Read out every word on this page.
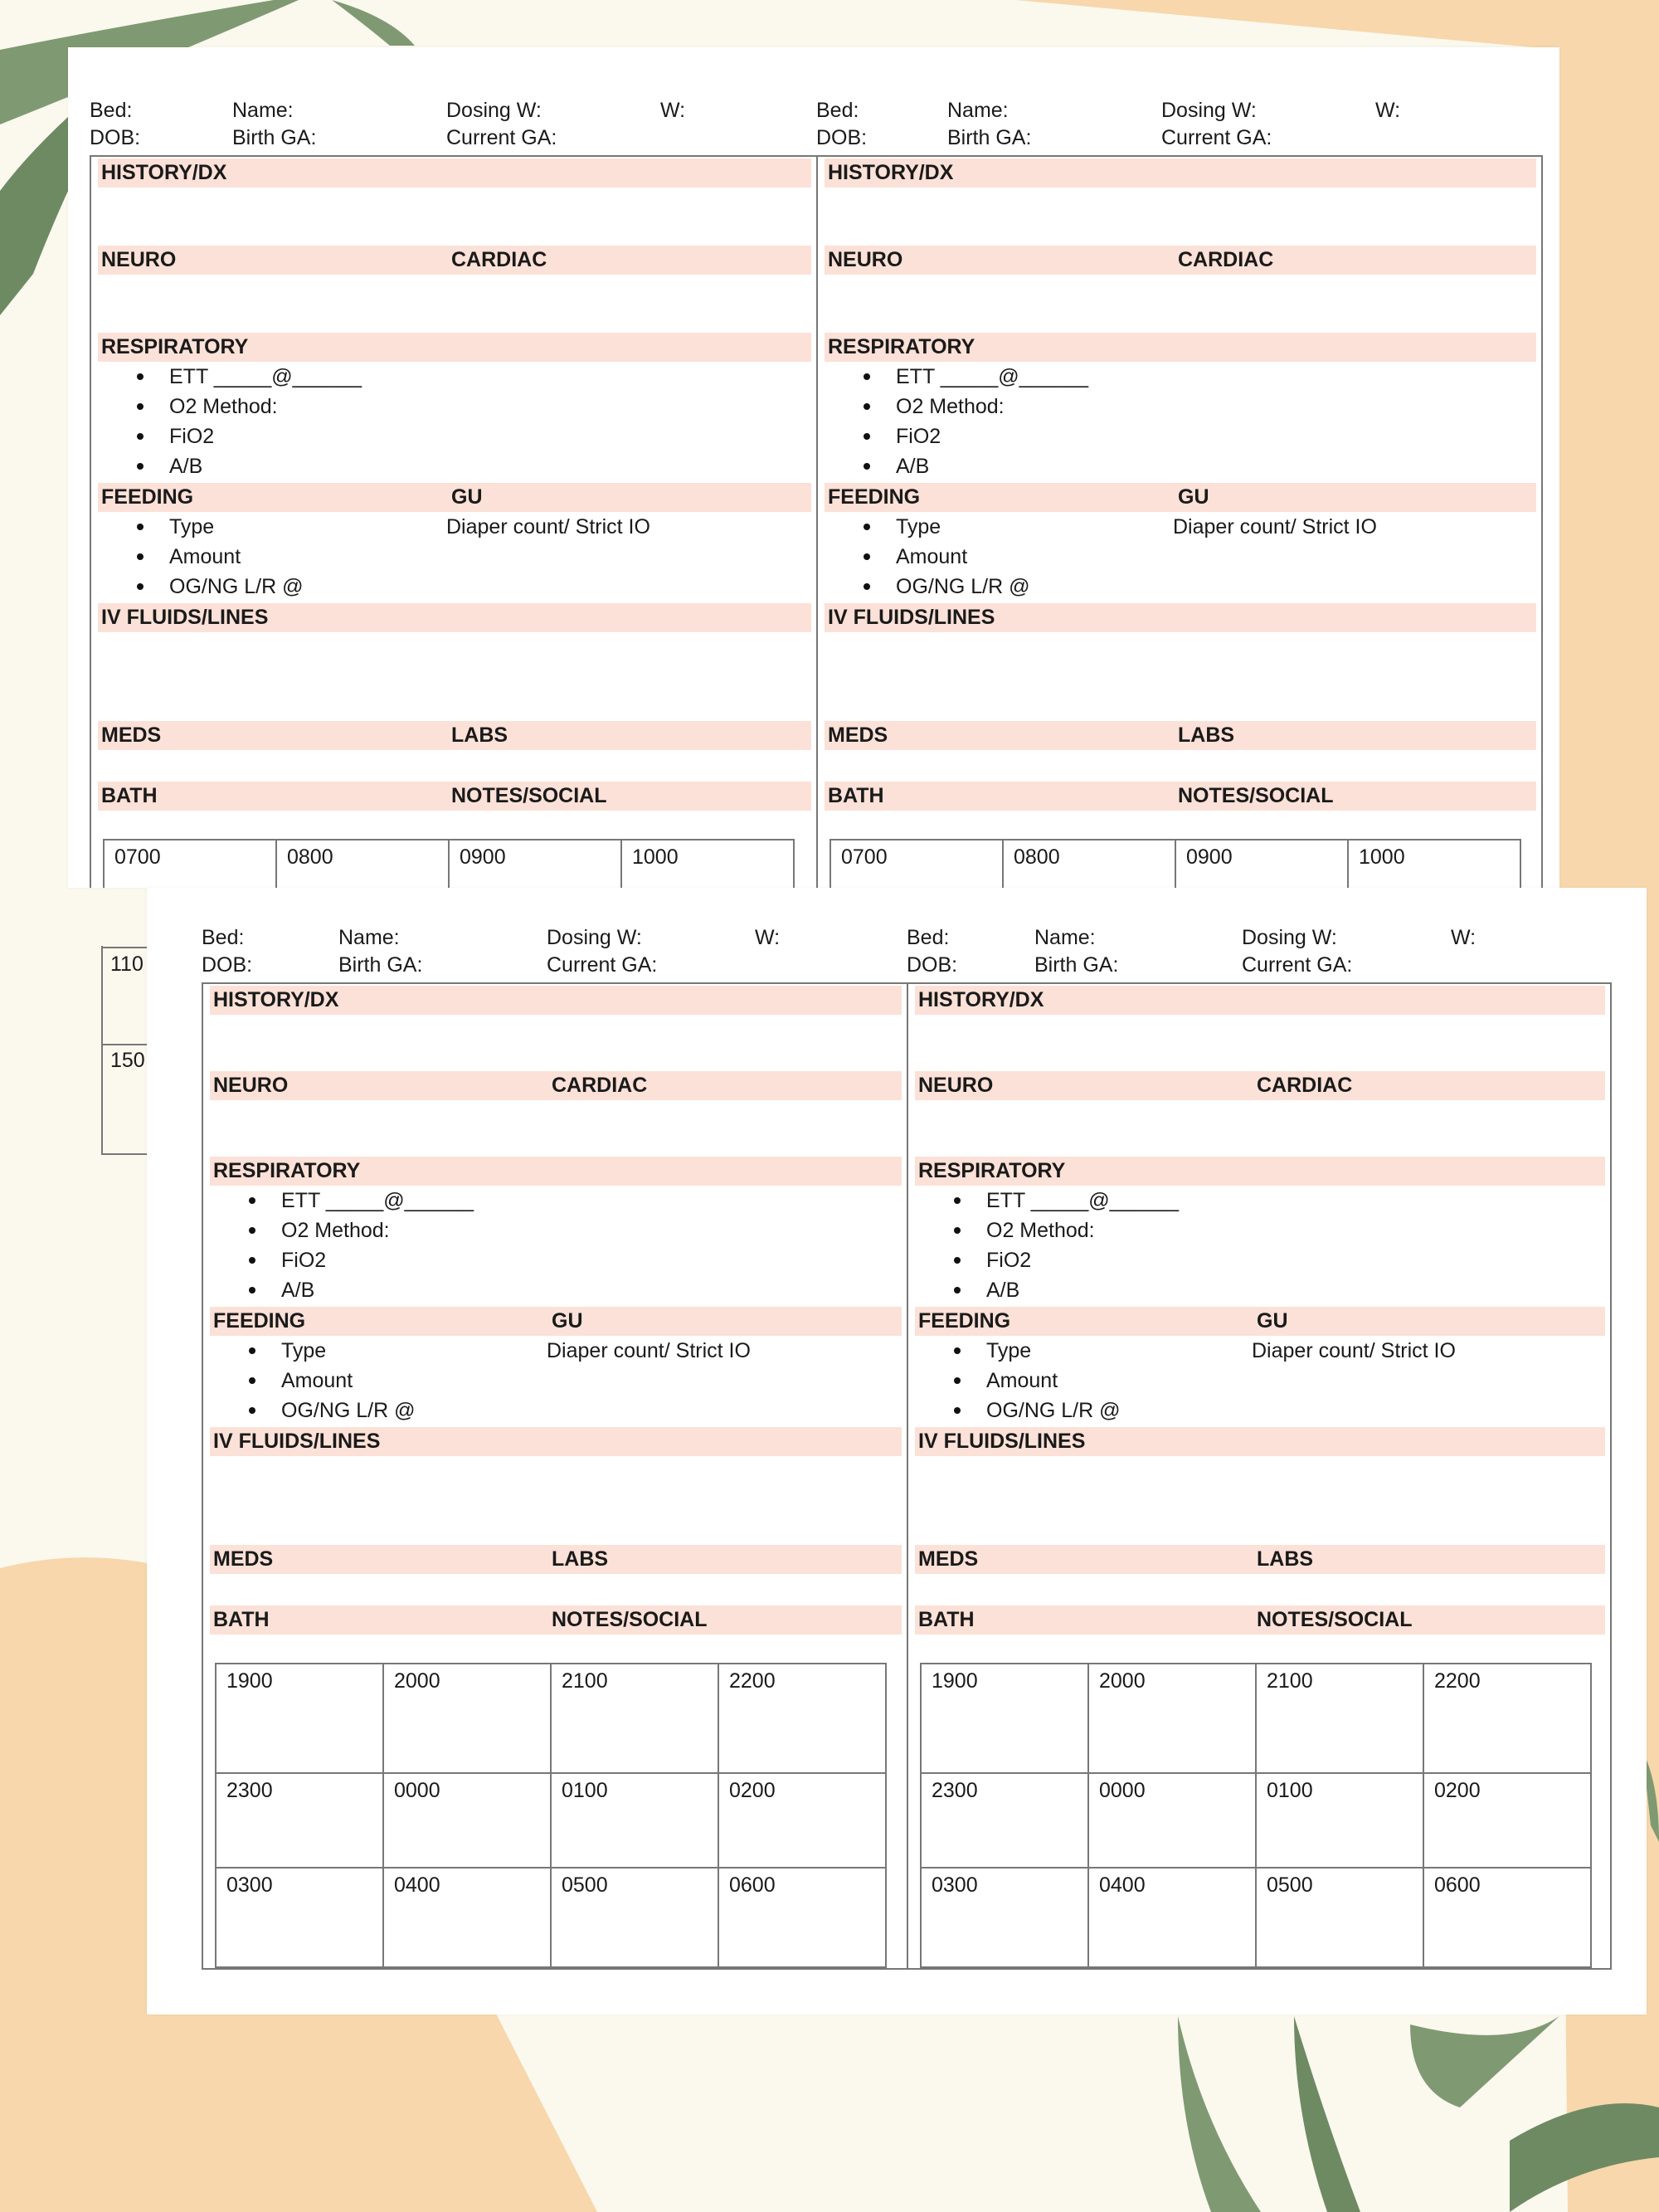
Bed:	Name:	Dosing W:	W:
DOB:	Birth GA:	Current GA:
HISTORY/DX
NEURO	CARDIAC
RESPIRATORY
ETT _____@______
O2 Method:
FiO2
A/B
FEEDING	GU
Type	Diaper count/ Strict IO
Amount
OG/NG L/R @
IV FLUIDS/LINES
MEDS	LABS
BATH	NOTES/SOCIAL
0700	0800	0900	1000
Bed:	Name:	Dosing W:	W:
DOB:	Birth GA:	Current GA:
HISTORY/DX
NEURO	CARDIAC
RESPIRATORY
ETT _____@______
O2 Method:
FiO2
A/B
FEEDING	GU
Type	Diaper count/ Strict IO
Amount
OG/NG L/R @
IV FLUIDS/LINES
MEDS	LABS
BATH	NOTES/SOCIAL
0700	0800	0900	1000
110
150
Bed:	Name:	Dosing W:	W:
DOB:	Birth GA:	Current GA:
HISTORY/DX
NEURO	CARDIAC
RESPIRATORY
ETT _____@______
O2 Method:
FiO2
A/B
FEEDING	GU
Type	Diaper count/ Strict IO
Amount
OG/NG L/R @
IV FLUIDS/LINES
MEDS	LABS
BATH	NOTES/SOCIAL
1900	2000	2100	2200
2300	0000	0100	0200
0300	0400	0500	0600
Bed:	Name:	Dosing W:	W:
DOB:	Birth GA:	Current GA:
HISTORY/DX
NEURO	CARDIAC
RESPIRATORY
ETT _____@______
O2 Method:
FiO2
A/B
FEEDING	GU
Type	Diaper count/ Strict IO
Amount
OG/NG L/R @
IV FLUIDS/LINES
MEDS	LABS
BATH	NOTES/SOCIAL
1900	2000	2100	2200
2300	0000	0100	0200
0300	0400	0500	0600
